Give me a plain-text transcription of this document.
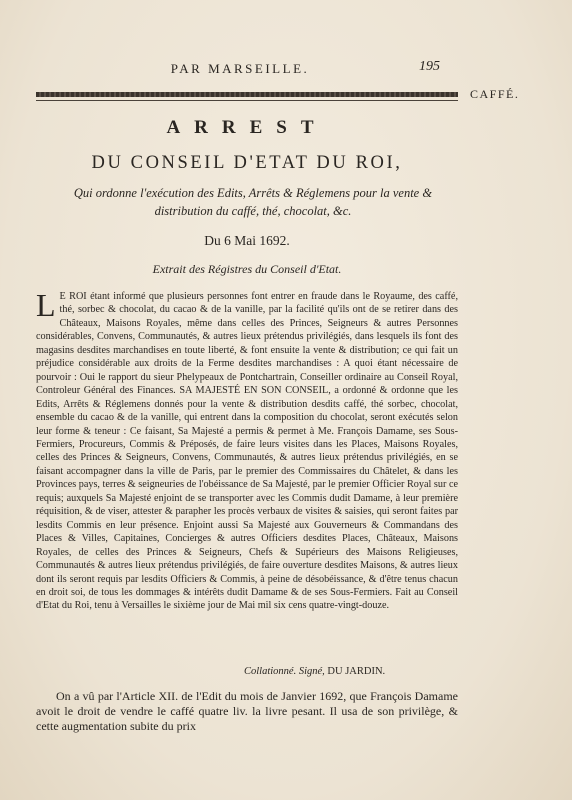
PAR MARSEILLE.	195
CAFFÉ.
ARREST
DU CONSEIL D'ETAT DU ROI,
Qui ordonne l'exécution des Edits, Arrêts & Réglemens pour la vente & distribution du caffé, thé, chocolat, &c.
Du 6 Mai 1692.
Extrait des Régistres du Conseil d'Etat.
L E ROI étant informé que plusieurs personnes font entrer en fraude dans le Royaume, des caffé, thé, sorbec & chocolat, du cacao & de la vanille, par la facilité qu'ils ont de se retirer dans des Châteaux, Maisons Royales, même dans celles des Princes, Seigneurs & autres Personnes considérables, Convens, Communautés, & autres lieux prétendus privilégiés, dans lesquels ils font des magasins desdites marchandises en toute liberté, & font ensuite la vente & distribution; ce qui fait un préjudice considérable aux droits de la Ferme desdites marchandises : A quoi étant nécessaire de pourvoir : Oui le rapport du sieur Phelypeaux de Pontchartrain, Conseiller ordinaire au Conseil Royal, Controleur Général des Finances. SA MAJESTÉ EN SON CONSEIL, a ordonné & ordonne que les Edits, Arrêts & Réglemens donnés pour la vente & distribution desdits caffé, thé sorbec, chocolat, ensemble du cacao & de la vanille, qui entrent dans la composition du chocolat, seront exécutés selon leur forme & teneur : Ce faisant, Sa Majesté a permis & permet à Me. François Damame, ses Sous-Fermiers, Procureurs, Commis & Préposés, de faire leurs visites dans les Places, Maisons Royales, celles des Princes & Seigneurs, Convens, Communautés, & autres lieux prétendus privilégiés, en se faisant accompagner dans la ville de Paris, par le premier des Commissaires du Châtelet, & dans les Provinces pays, terres & seigneuries de l'obéissance de Sa Majesté, par le premier Officier Royal sur ce requis; auxquels Sa Majesté enjoint de se transporter avec les Commis dudit Damame, à leur première réquisition, & de viser, attester & parapher les procès verbaux de visites & saisies, qui seront faites par lesdits Commis en leur présence. Enjoint aussi Sa Majesté aux Gouverneurs & Commandans des Places & Villes, Capitaines, Concierges & autres Officiers desdites Places, Châteaux, Maisons Royales, de celles des Princes & Seigneurs, Chefs & Supérieurs des Maisons Religieuses, Communautés & autres lieux prétendus privilégiés, de faire ouverture desdites Maisons, & autres lieux dont ils seront requis par lesdits Officiers & Commis, à peine de désobéissance, & d'être tenus chacun en droit soi, de tous les dommages & intérêts dudit Damame & de ses Sous-Fermiers. Fait au Conseil d'Etat du Roi, tenu à Versailles le sixième jour de Mai mil six cens quatre-vingt-douze.
Collationné. Signé, DU JARDIN.
On a vû par l'Article XII. de l'Edit du mois de Janvier 1692, que François Damame avoit le droit de vendre le caffé quatre liv. la livre pesant. Il usa de son privilège, & cette augmentation subite du prix
